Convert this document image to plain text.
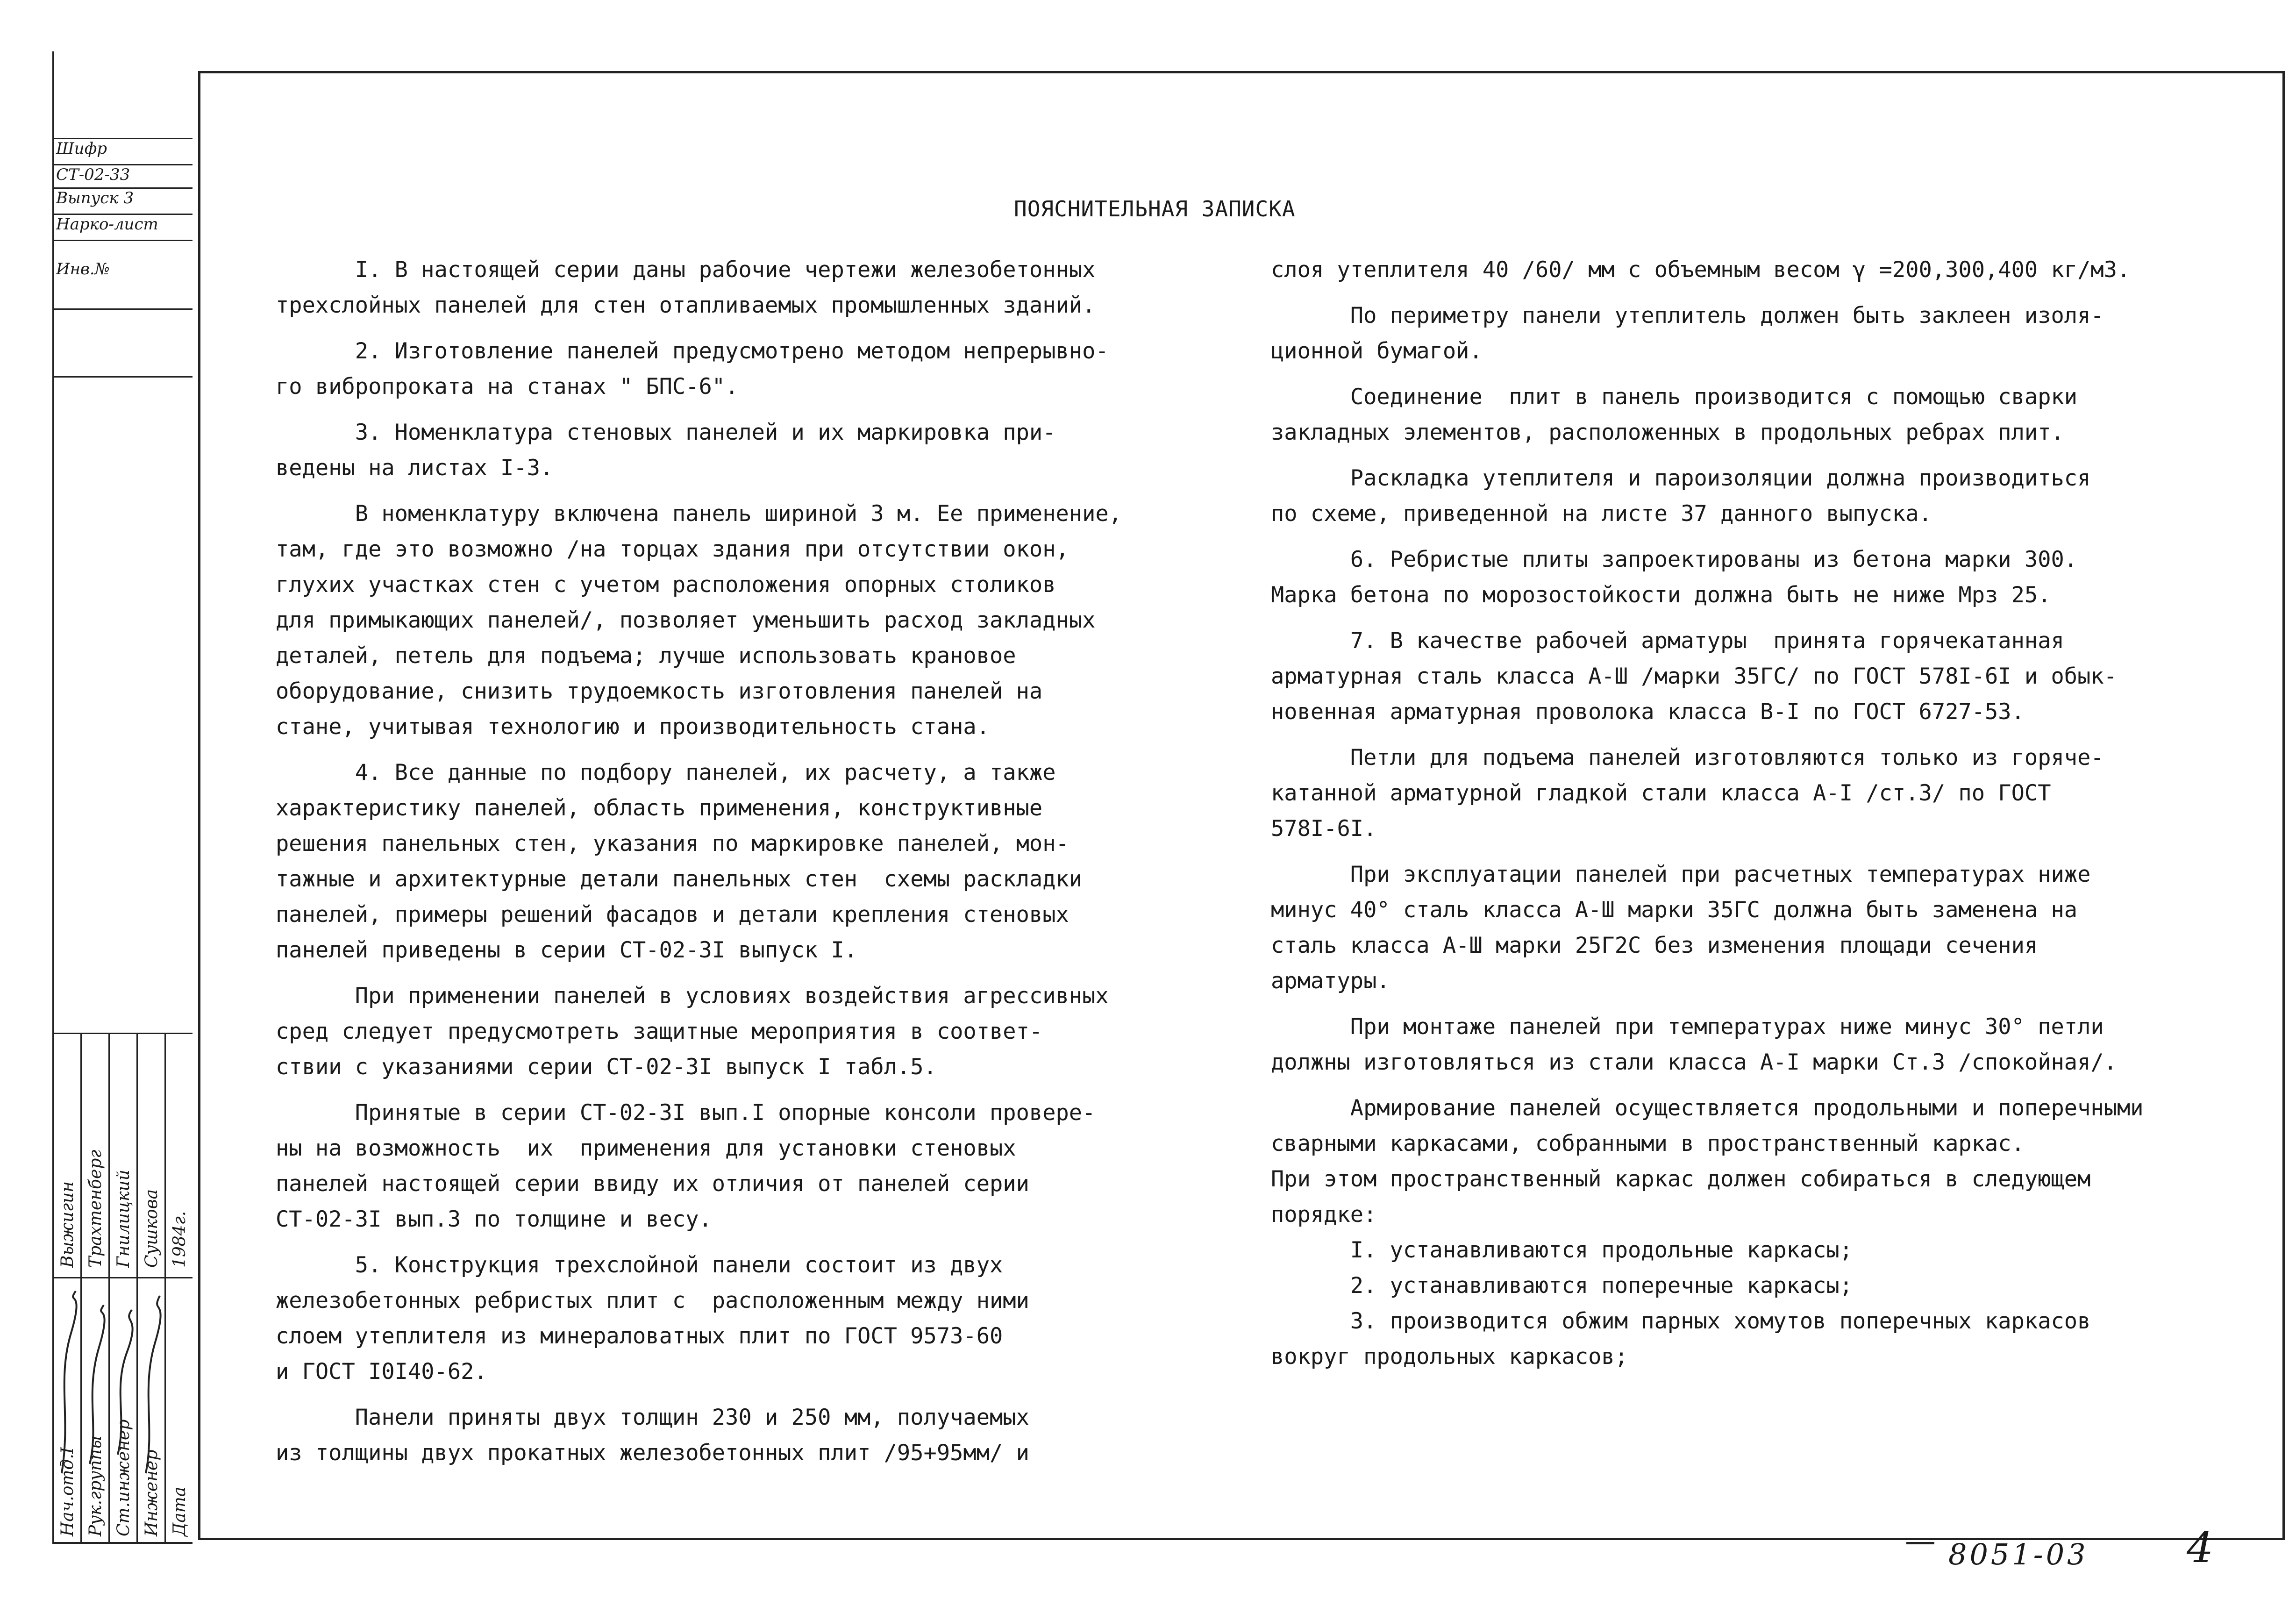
Шифр
СТ-02-33
Выпуск 3
Нарко-лист
Инв.№
Нач.отд.I Рук.группы Ст.инженер Инженер Дата
Выжигин Трахтенберг Гнилицкий Сушкова 1984г.
ПОЯСНИТЕЛЬНАЯ ЗАПИСКА

I. В настоящей серии даны рабочие чертежи железобетонных

трехслойных панелей для стен отапливаемых промышленных зданий.

2. Изготовление панелей предусмотрено методом непрерывно-

го вибропроката на станах " БПС-6".

3. Номенклатура стеновых панелей и их маркировка при-

ведены на листах I-3.

В номенклатуру включена панель шириной 3 м. Ее применение,

там, где это возможно /на торцах здания при отсутствии окон,

глухих участках стен с учетом расположения опорных столиков

для примыкающих панелей/, позволяет уменьшить расход закладных

деталей, петель для подъема; лучше использовать крановое

оборудование, снизить трудоемкость изготовления панелей на

стане, учитывая технологию и производительность стана.

4. Все данные по подбору панелей, их расчету, а также

характеристику панелей, область применения, конструктивные

решения панельных стен, указания по маркировке панелей, мон-

тажные и архитектурные детали панельных стен  схемы раскладки

панелей, примеры решений фасадов и детали крепления стеновых

панелей приведены в серии СТ-02-3I выпуск I.

При применении панелей в условиях воздействия агрессивных

сред следует предусмотреть защитные мероприятия в соответ-

ствии с указаниями серии СТ-02-3I выпуск I табл.5.

Принятые в серии СТ-02-3I вып.I опорные консоли провере-

ны на возможность  их  применения для установки стеновых

панелей настоящей серии ввиду их отличия от панелей серии

СТ-02-3I вып.3 по толщине и весу.

5. Конструкция трехслойной панели состоит из двух

железобетонных ребристых плит с  расположенным между ними

слоем утеплителя из минераловатных плит по ГОСТ 9573-60

и ГОСТ I0I40-62.

Панели приняты двух толщин 230 и 250 мм, получаемых

из толщины двух прокатных железобетонных плит /95+95мм/ и

слоя утеплителя 40 /60/ мм с объемным весом γ =200,300,400 кг/м3.

По периметру панели утеплитель должен быть заклеен изоля-

ционной бумагой.

Соединение  плит в панель производится с помощью сварки

закладных элементов, расположенных в продольных ребрах плит.

Раскладка утеплителя и пароизоляции должна производиться

по схеме, приведенной на листе 37 данного выпуска.

6. Ребристые плиты запроектированы из бетона марки 300.

Марка бетона по морозостойкости должна быть не ниже Мрз 25.

7. В качестве рабочей арматуры  принята горячекатанная

арматурная сталь класса А-Ш /марки 35ГС/ по ГОСТ 578I-6I и обык-

новенная арматурная проволока класса В-I по ГОСТ 6727-53.

Петли для подъема панелей изготовляются только из горяче-

катанной арматурной гладкой стали класса А-I /ст.3/ по ГОСТ

578I-6I.

При эксплуатации панелей при расчетных температурах ниже

минус 40° сталь класса А-Ш марки 35ГС должна быть заменена на

сталь класса А-Ш марки 25Г2С без изменения площади сечения

арматуры.

При монтаже панелей при температурах ниже минус 30° петли

должны изготовляться из стали класса А-I марки Ст.3 /спокойная/.

Армирование панелей осуществляется продольными и поперечными

сварными каркасами, собранными в пространственный каркас.

При этом пространственный каркас должен собираться в следующем

порядке:

I. устанавливаются продольные каркасы;

2. устанавливаются поперечные каркасы;

3. производится обжим парных хомутов поперечных каркасов

вокруг продольных каркасов;

8051-03 4
